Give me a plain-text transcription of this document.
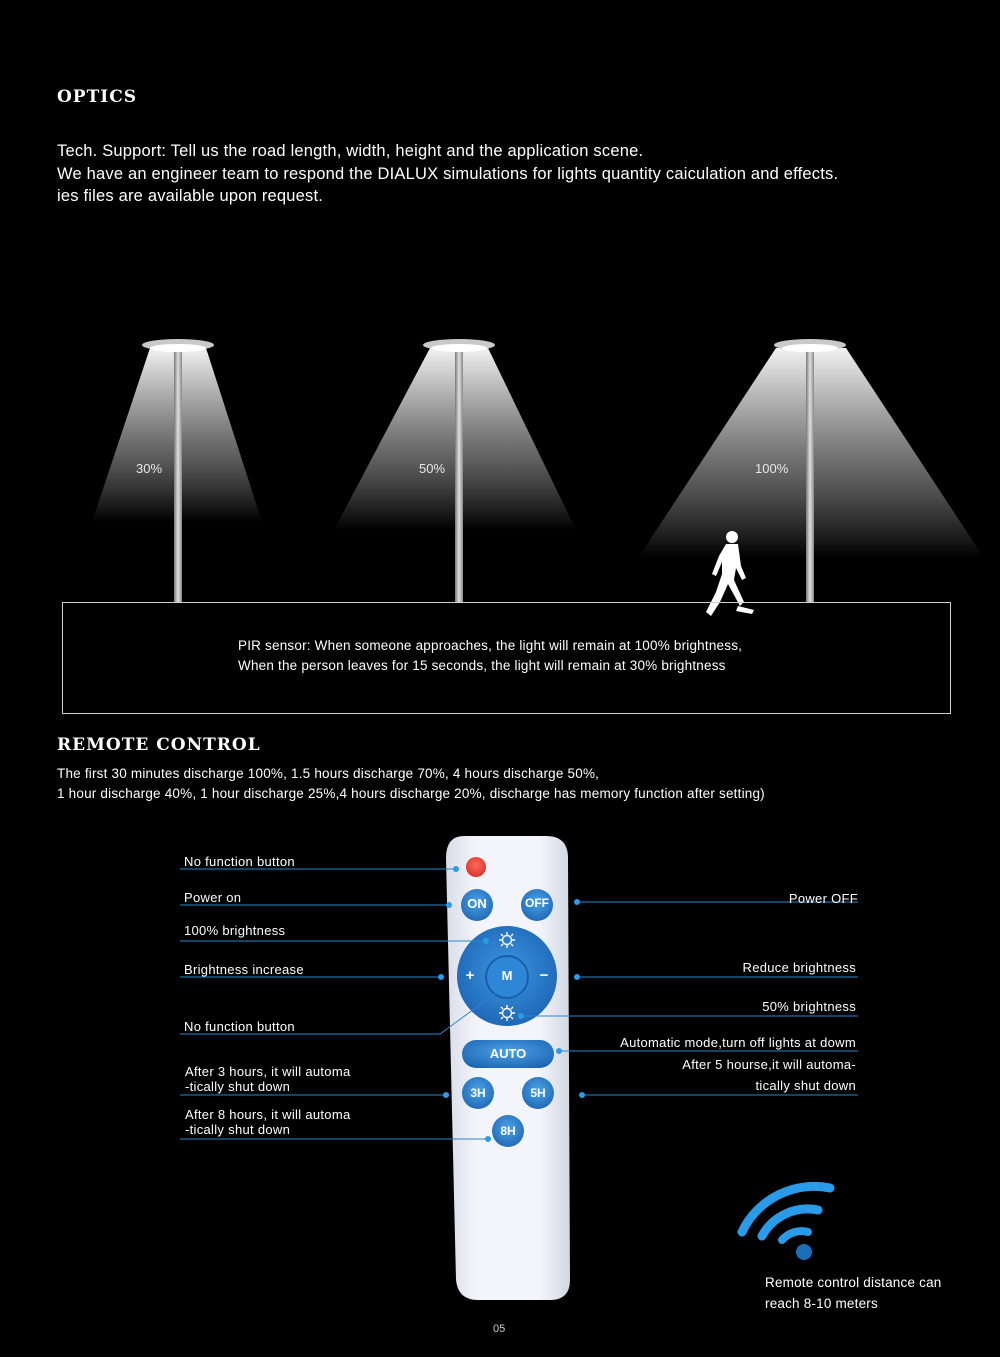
OPTICS
Tech. Support: Tell us the road length, width, height and the application scene.
We have an engineer team to respond the DIALUX simulations for lights quantity caiculation and effects.
ies files are available upon request.
30%	50%	100%
PIR sensor: When someone approaches, the light will remain at 100% brightness,
When the person leaves for 15 seconds, the light will remain at 30% brightness
REMOTE CONTROL
The first 30 minutes discharge 100%, 1.5 hours discharge 70%, 4 hours discharge 50%,
1 hour discharge 40%, 1 hour discharge 25%,4 hours discharge 20%, discharge has memory function after setting)
ON	OFF
M
+	−
AUTO
3H	5H
8H
No function button
Power on
100% brightness
Brightness increase
No function button
After 3 hours, it will automa
-tically shut down
After 8 hours, it will automa
-tically shut down
Power OFF
Reduce brightness
50% brightness
Automatic mode,turn off lights at dowm
After 5 hourse,it will automa-
tically shut down
Remote control distance can
reach 8-10 meters
05
